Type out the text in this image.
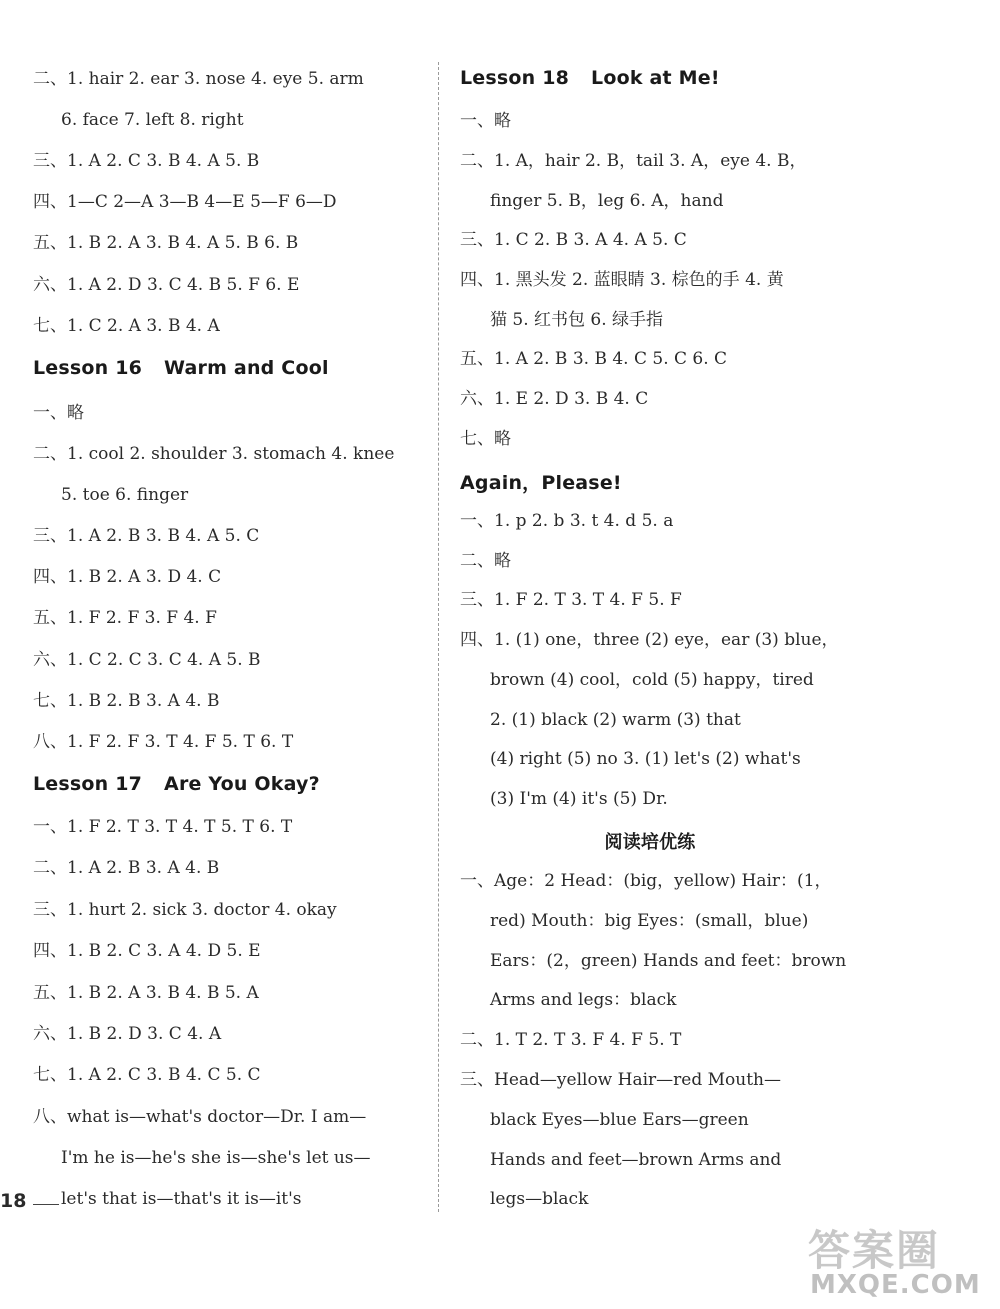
二、1. hair 2. ear 3. nose 4. eye 5. arm
6. face 7. left 8. right
三、1. A 2. C 3. B 4. A 5. B
四、1—C 2—A 3—B 4—E 5—F 6—D
五、1. B 2. A 3. B 4. A 5. B 6. B
六、1. A 2. D 3. C 4. B 5. F 6. E
七、1. C 2. A 3. B 4. A
Lesson 16 Warm and Cool
一、略
二、1. cool 2. shoulder 3. stomach 4. knee
5. toe 6. finger
三、1. A 2. B 3. B 4. A 5. C
四、1. B 2. A 3. D 4. C
五、1. F 2. F 3. F 4. F
六、1. C 2. C 3. C 4. A 5. B
七、1. B 2. B 3. A 4. B
八、1. F 2. F 3. T 4. F 5. T 6. T
Lesson 17 Are You Okay?
一、1. F 2. T 3. T 4. T 5. T 6. T
二、1. A 2. B 3. A 4. B
三、1. hurt 2. sick 3. doctor 4. okay
四、1. B 2. C 3. A 4. D 5. E
五、1. B 2. A 3. B 4. B 5. A
六、1. B 2. D 3. C 4. A
七、1. A 2. C 3. B 4. C 5. C
八、what is—what's doctor—Dr. I am—
I'm he is—he's she is—she's let us—
let's that is—that's it is—it's
18
Lesson 18 Look at Me!
一、略
二、1. A，hair 2. B，tail 3. A，eye 4. B，
finger 5. B，leg 6. A，hand
三、1. C 2. B 3. A 4. A 5. C
四、1. 黑头发 2. 蓝眼睛 3. 棕色的手 4. 黄
猫 5. 红书包 6. 绿手指
五、1. A 2. B 3. B 4. C 5. C 6. C
六、1. E 2. D 3. B 4. C
七、略
Again，Please!
一、1. p 2. b 3. t 4. d 5. a
二、略
三、1. F 2. T 3. T 4. F 5. F
四、1. (1) one，three (2) eye，ear (3) blue，
brown (4) cool，cold (5) happy，tired
2. (1) black (2) warm (3) that
(4) right (5) no 3. (1) let's (2) what's
(3) I'm (4) it's (5) Dr.
阅读培优练
一、Age：2 Head：(big，yellow) Hair：(1，
red) Mouth：big Eyes：(small，blue)
Ears：(2，green) Hands and feet：brown
Arms and legs：black
二、1. T 2. T 3. F 4. F 5. T
三、Head—yellow Hair—red Mouth—
black Eyes—blue Ears—green
Hands and feet—brown Arms and
legs—black
答案圈
MXQE.COM
